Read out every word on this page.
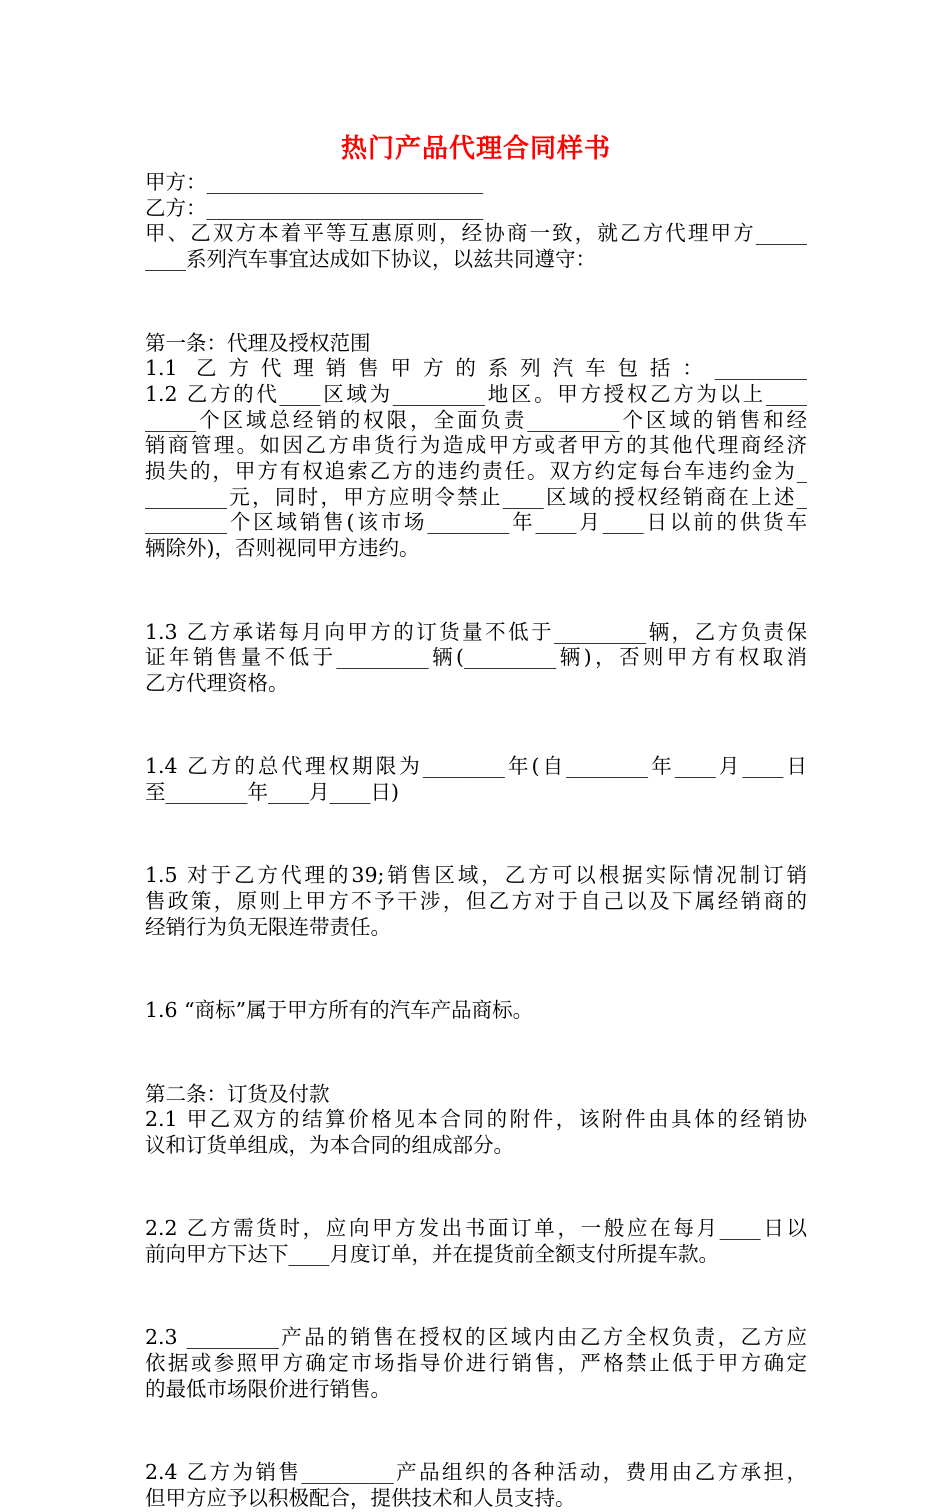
热门产品代理合同样书

甲方：___________________________

乙方：___________________________

甲、乙双方本着平等互惠原则，经协商一致，就乙方代理甲方_____

____系列汽车事宜达成如下协议，以兹共同遵守：

第一条：代理及授权范围

1.1 乙方代理销售甲方的系列汽车包括：_________

1.2 乙方的代____区域为_________地区。甲方授权乙方为以上____

_____个区域总经销的权限，全面负责_________个区域的销售和经

销商管理。如因乙方串货行为造成甲方或者甲方的其他代理商经济

损失的，甲方有权追索乙方的违约责任。双方约定每台车违约金为_

________元，同时，甲方应明令禁止____区域的授权经销商在上述_

________个区域销售(该市场________年____月____日以前的供货车

辆除外)，否则视同甲方违约。

1.3 乙方承诺每月向甲方的订货量不低于_________辆，乙方负责保

证年销售量不低于_________辆(_________辆)，否则甲方有权取消

乙方代理资格。

1.4 乙方的总代理权期限为________年(自________年____月____日

至________年____月____日)

1.5 对于乙方代理的39;销售区域，乙方可以根据实际情况制订销

售政策，原则上甲方不予干涉，但乙方对于自己以及下属经销商的

经销行为负无限连带责任。

1.6 “商标”属于甲方所有的汽车产品商标。

第二条：订货及付款

2.1 甲乙双方的结算价格见本合同的附件，该附件由具体的经销协

议和订货单组成，为本合同的组成部分。

2.2 乙方需货时，应向甲方发出书面订单，一般应在每月____日以

前向甲方下达下____月度订单，并在提货前全额支付所提车款。

2.3 _________产品的销售在授权的区域内由乙方全权负责，乙方应

依据或参照甲方确定市场指导价进行销售，严格禁止低于甲方确定

的最低市场限价进行销售。

2.4 乙方为销售_________产品组织的各种活动，费用由乙方承担，

但甲方应予以积极配合，提供技术和人员支持。
